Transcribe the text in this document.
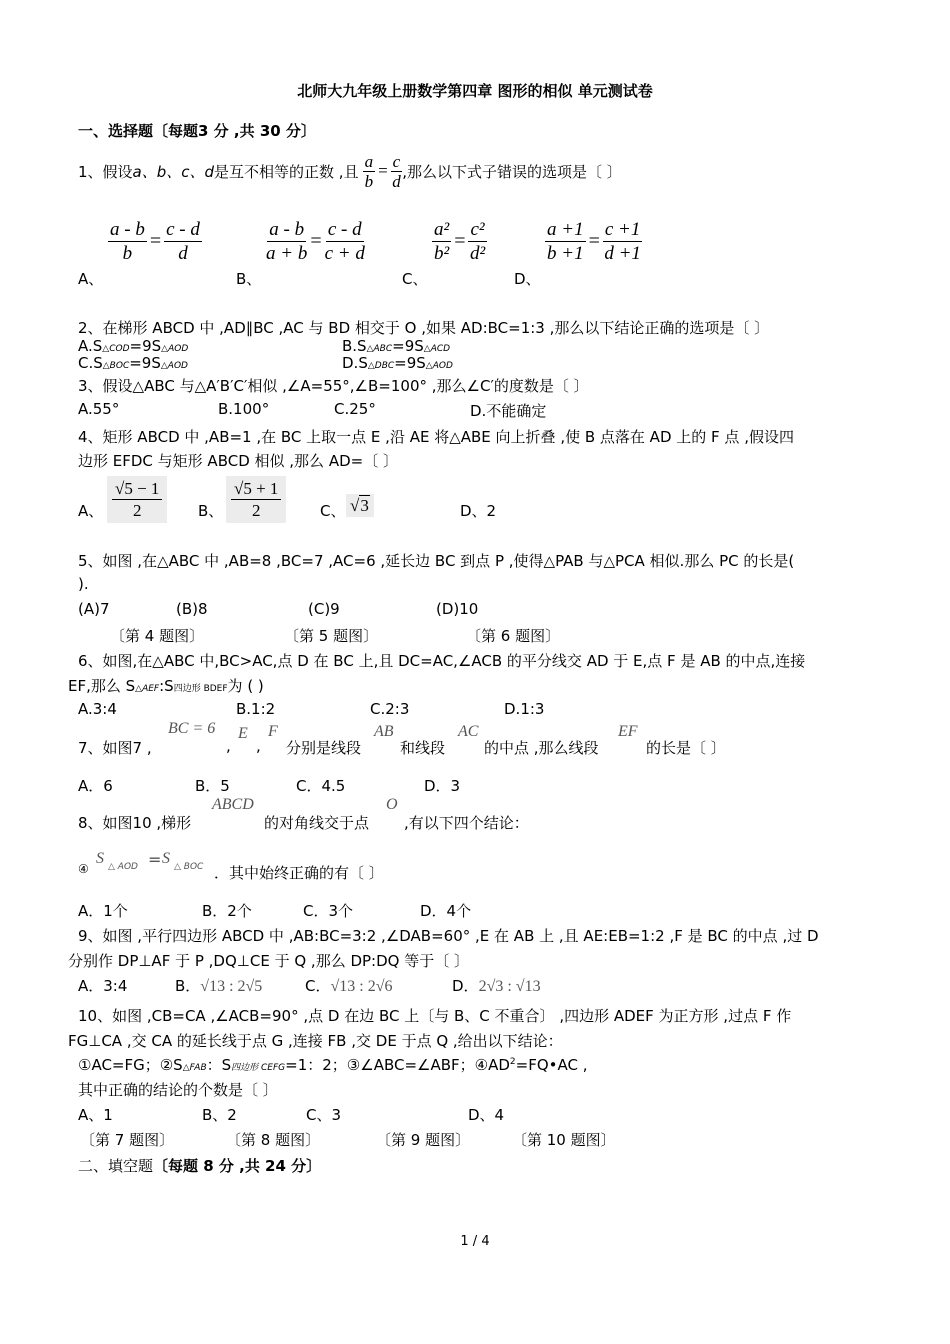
北师大九年级上册数学第四章 图形的相似 单元测试卷
一、选择题〔每题3 分 ,共 30 分〕
1、假设 a、b、c、d 是互不相等的正数 ,且 $\frac{a}{b} = \frac{c}{d}$ ,那么以下式子错误的选项是〔 〕
$\frac{a - b}{b} = \frac{c - d}{d}$	$\frac{a - b}{a + b} = \frac{c - d}{c + d}$	$\frac{\text{a²}}{\text{b²}} = \frac{\text{c²}}{\text{d²}}$	$\frac{a +1}{b +1} = \frac{c +1}{d +1}$
A、	B、	C、	D、
2、在梯形 ABCD 中 ,AD∥BC ,AC 与 BD 相交于 O ,如果 AD:BC=1:3 ,那么以下结论正确的选项是〔 〕
A.S△COD=9S△AOD	B.S△ABC=9S△ACD
C.S△BOC=9S△AOD	D.S△DBC=9S△AOD
3、假设△ABC 与△A′B′C′相似 ,∠A=55°,∠B=100° ,那么∠C′的度数是〔 〕
A.55°	B.100°	C.25°	D.不能确定
4、矩形 ABCD 中 ,AB=1 ,在 BC 上取一点 E ,沿 AE 将△ABE 向上折叠 ,使 B 点落在 AD 上的 F 点 ,假设四
边形 EFDC 与矩形 ABCD 相似 ,那么 AD=〔 〕
A、 $\frac{√5 - 1}{2}$ B、 $\frac{√5 + 1}{2}$ C、 √3	D、2
5、如图 ,在△ABC 中 ,AB=8 ,BC=7 ,AC=6 ,延长边 BC 到点 P ,使得△PAB 与△PCA 相似.那么 PC 的长是(
).
(A)7	(B)8	(C)9	(D)10
〔第 4 题图〕	〔第 5 题图〕	〔第 6 题图〕
6、如图,在△ABC 中,BC>AC,点 D 在 BC 上,且 DC=AC,∠ACB 的平分线交 AD 于 E,点 F 是 AB 的中点,连接
EF,那么 S△AEF:S四边形 BDEF为 ( )
A.3:4	B.1:2	C.2:3	D.1:3
7、如图7 ,
BC = 6
,
E
,
F
分别是线段
AB
和线段
AC
的中点 ,那么线段
EF
的长是〔 〕
A．6	B．5	C．4.5	D．3
8、如图10 ,梯形
ABCD
的对角线交于点
O
,有以下四个结论：
④
S △ AOD = S △ BOC ．其中始终正确的有〔 〕
A．1个	B．2个	C．3个	D．4个
9、如图 ,平行四边形 ABCD 中 ,AB:BC=3:2 ,∠DAB=60° ,E 在 AB 上 ,且 AE:EB=1:2 ,F 是 BC 的中点 ,过 D
分别作 DP⊥AF 于 P ,DQ⊥CE 于 Q ,那么 DP:DQ 等于〔 〕
A．3:4	B．√13 : 2√5	C．√13 : 2√6	D．2√3 : √13
10、如图 ,CB=CA ,∠ACB=90° ,点 D 在边 BC 上〔与 B、C 不重合〕 ,四边形 ADEF 为正方形 ,过点 F 作
FG⊥CA ,交 CA 的延长线于点 G ,连接 FB ,交 DE 于点 Q ,给出以下结论：
①AC=FG；②S△FAB：S四边形 CEFG=1：2；③∠ABC=∠ABF；$④AD^2=FQ•AC$ ,
其中正确的结论的个数是〔 〕
A、1	B、2	C、3	D、4
〔第 7 题图〕	〔第 8 题图〕	〔第 9 题图〕	〔第 10 题图〕
二、填空题〔每题 8 分 ,共 24 分〕
1 / 4
